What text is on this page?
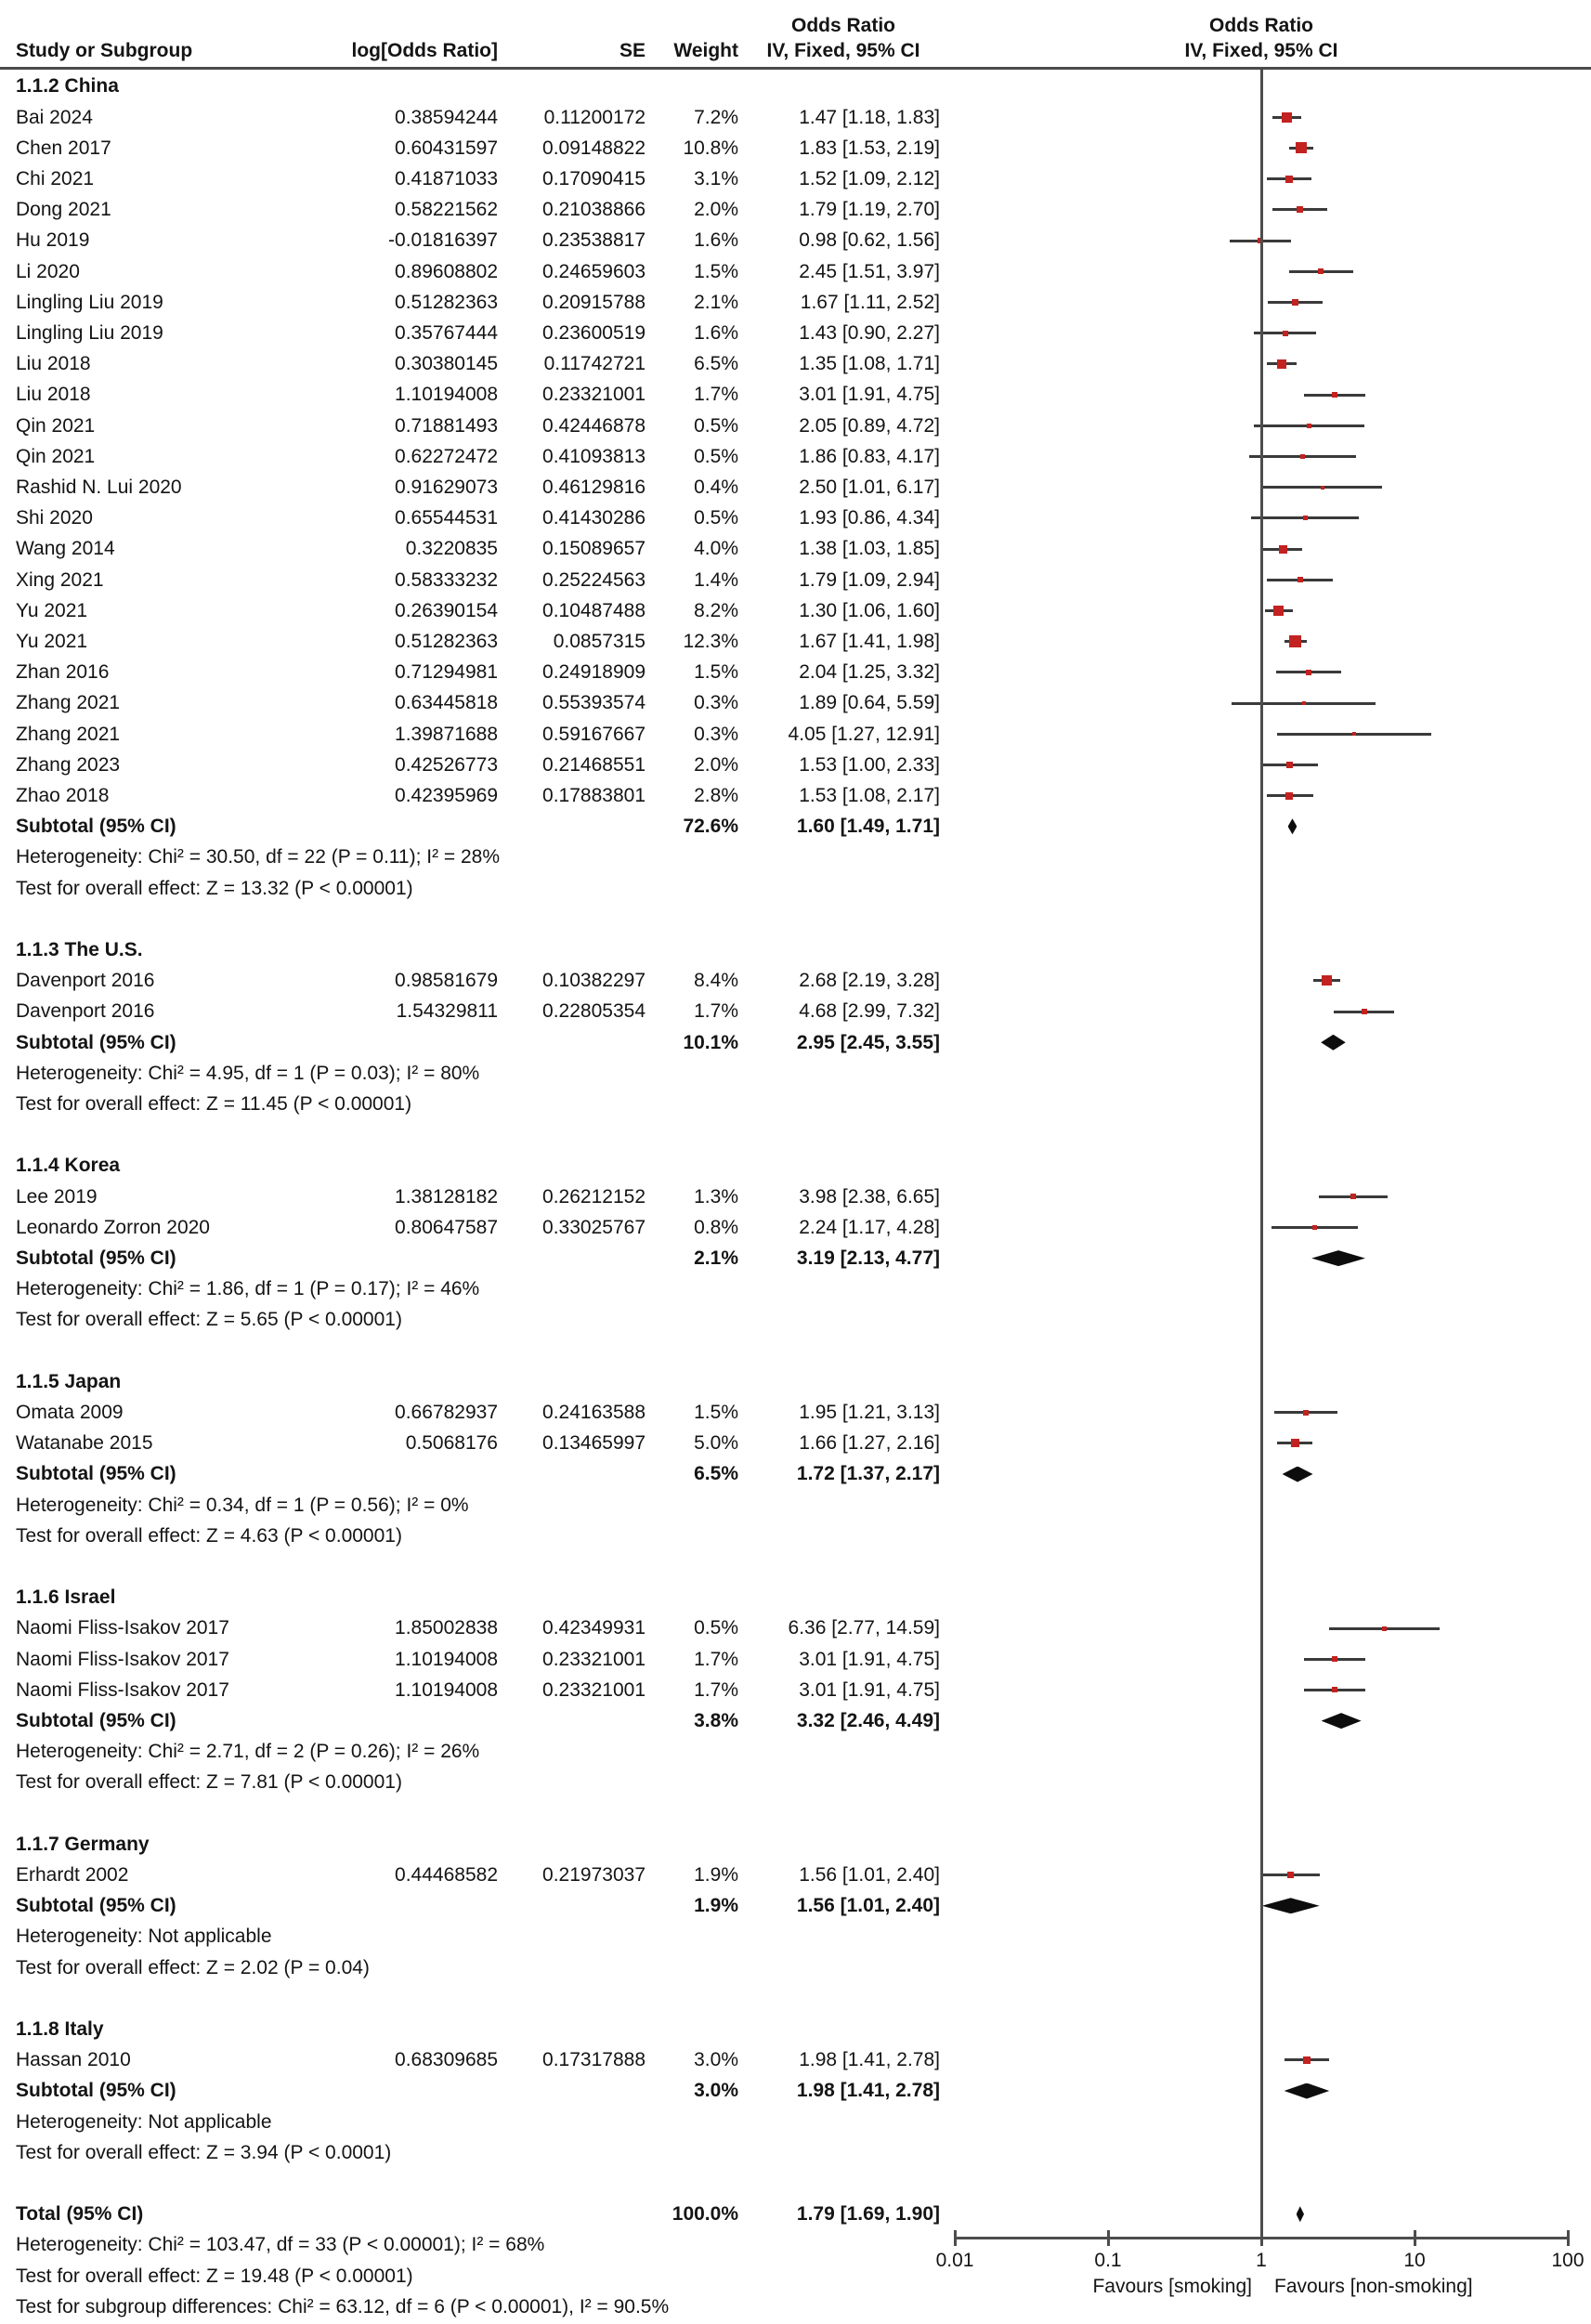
Odds Ratio
IV, Fixed, 95% CI
Odds Ratio
IV, Fixed, 95% CI
Study or Subgroup	log[Odds Ratio]	SE Weight
0.01	0.1	1	10	100
Favours [smoking] Favours [non-smoking]
1.1.2 China
Bai 2024	0.38594244 0.11200172 7.2%	1.47 [1.18, 1.83]
Chen 2017	0.60431597 0.09148822 10.8%	1.83 [1.53, 2.19]
Chi 2021	0.41871033 0.17090415 3.1%	1.52 [1.09, 2.12]
Dong 2021	0.58221562 0.21038866 2.0%	1.79 [1.19, 2.70]
Hu 2019	-0.01816397 0.23538817 1.6%	0.98 [0.62, 1.56]
Li 2020	0.89608802 0.24659603 1.5%	2.45 [1.51, 3.97]
Lingling Liu 2019	0.51282363 0.20915788 2.1%	1.67 [1.11, 2.52]
Lingling Liu 2019	0.35767444 0.23600519 1.6%	1.43 [0.90, 2.27]
Liu 2018	0.30380145 0.11742721 6.5%	1.35 [1.08, 1.71]
Liu 2018	1.10194008 0.23321001 1.7%	3.01 [1.91, 4.75]
Qin 2021	0.71881493 0.42446878 0.5%	2.05 [0.89, 4.72]
Qin 2021	0.62272472 0.41093813 0.5%	1.86 [0.83, 4.17]
Rashid N. Lui 2020	0.91629073 0.46129816 0.4%	2.50 [1.01, 6.17]
Shi 2020	0.65544531 0.41430286 0.5%	1.93 [0.86, 4.34]
Wang 2014	0.3220835 0.15089657 4.0%	1.38 [1.03, 1.85]
Xing 2021	0.58333232 0.25224563 1.4%	1.79 [1.09, 2.94]
Yu 2021	0.26390154 0.10487488 8.2%	1.30 [1.06, 1.60]
Yu 2021	0.51282363	0.0857315 12.3%	1.67 [1.41, 1.98]
Zhan 2016	0.71294981 0.24918909 1.5%	2.04 [1.25, 3.32]
Zhang 2021	0.63445818 0.55393574 0.3%	1.89 [0.64, 5.59]
Zhang 2021	1.39871688 0.59167667 0.3%	4.05 [1.27, 12.91]
Zhang 2023	0.42526773 0.21468551 2.0%	1.53 [1.00, 2.33]
Zhao 2018	0.42395969 0.17883801 2.8%	1.53 [1.08, 2.17]
Subtotal (95% CI)	72.6%	1.60 [1.49, 1.71]
Heterogeneity: Chi² = 30.50, df = 22 (P = 0.11); I² = 28%
Test for overall effect: Z = 13.32 (P < 0.00001)
1.1.3 The U.S.
Davenport 2016	0.98581679 0.10382297 8.4%	2.68 [2.19, 3.28]
Davenport 2016	1.54329811 0.22805354 1.7%	4.68 [2.99, 7.32]
Subtotal (95% CI)	10.1%	2.95 [2.45, 3.55]
Heterogeneity: Chi² = 4.95, df = 1 (P = 0.03); I² = 80%
Test for overall effect: Z = 11.45 (P < 0.00001)
1.1.4 Korea
Lee 2019	1.38128182 0.26212152 1.3%	3.98 [2.38, 6.65]
Leonardo Zorron 2020	0.80647587 0.33025767 0.8%	2.24 [1.17, 4.28]
Subtotal (95% CI)	2.1%	3.19 [2.13, 4.77]
Heterogeneity: Chi² = 1.86, df = 1 (P = 0.17); I² = 46%
Test for overall effect: Z = 5.65 (P < 0.00001)
1.1.5 Japan
Omata 2009	0.66782937 0.24163588 1.5%	1.95 [1.21, 3.13]
Watanabe 2015	0.5068176 0.13465997 5.0%	1.66 [1.27, 2.16]
Subtotal (95% CI)	6.5%	1.72 [1.37, 2.17]
Heterogeneity: Chi² = 0.34, df = 1 (P = 0.56); I² = 0%
Test for overall effect: Z = 4.63 (P < 0.00001)
1.1.6 Israel
Naomi Fliss-Isakov 2017	1.85002838 0.42349931 0.5%	6.36 [2.77, 14.59]
Naomi Fliss-Isakov 2017	1.10194008 0.23321001 1.7%	3.01 [1.91, 4.75]
Naomi Fliss-Isakov 2017	1.10194008 0.23321001 1.7%	3.01 [1.91, 4.75]
Subtotal (95% CI)	3.8%	3.32 [2.46, 4.49]
Heterogeneity: Chi² = 2.71, df = 2 (P = 0.26); I² = 26%
Test for overall effect: Z = 7.81 (P < 0.00001)
1.1.7 Germany
Erhardt 2002	0.44468582 0.21973037 1.9%	1.56 [1.01, 2.40]
Subtotal (95% CI)	1.9%	1.56 [1.01, 2.40]
Heterogeneity: Not applicable
Test for overall effect: Z = 2.02 (P = 0.04)
1.1.8 Italy
Hassan 2010	0.68309685 0.17317888 3.0%	1.98 [1.41, 2.78]
Subtotal (95% CI)	3.0%	1.98 [1.41, 2.78]
Heterogeneity: Not applicable
Test for overall effect: Z = 3.94 (P < 0.0001)
Total (95% CI)	100.0%	1.79 [1.69, 1.90]
Heterogeneity: Chi² = 103.47, df = 33 (P < 0.00001); I² = 68%
Test for overall effect: Z = 19.48 (P < 0.00001)
Test for subgroup differences: Chi² = 63.12, df = 6 (P < 0.00001), I² = 90.5%
